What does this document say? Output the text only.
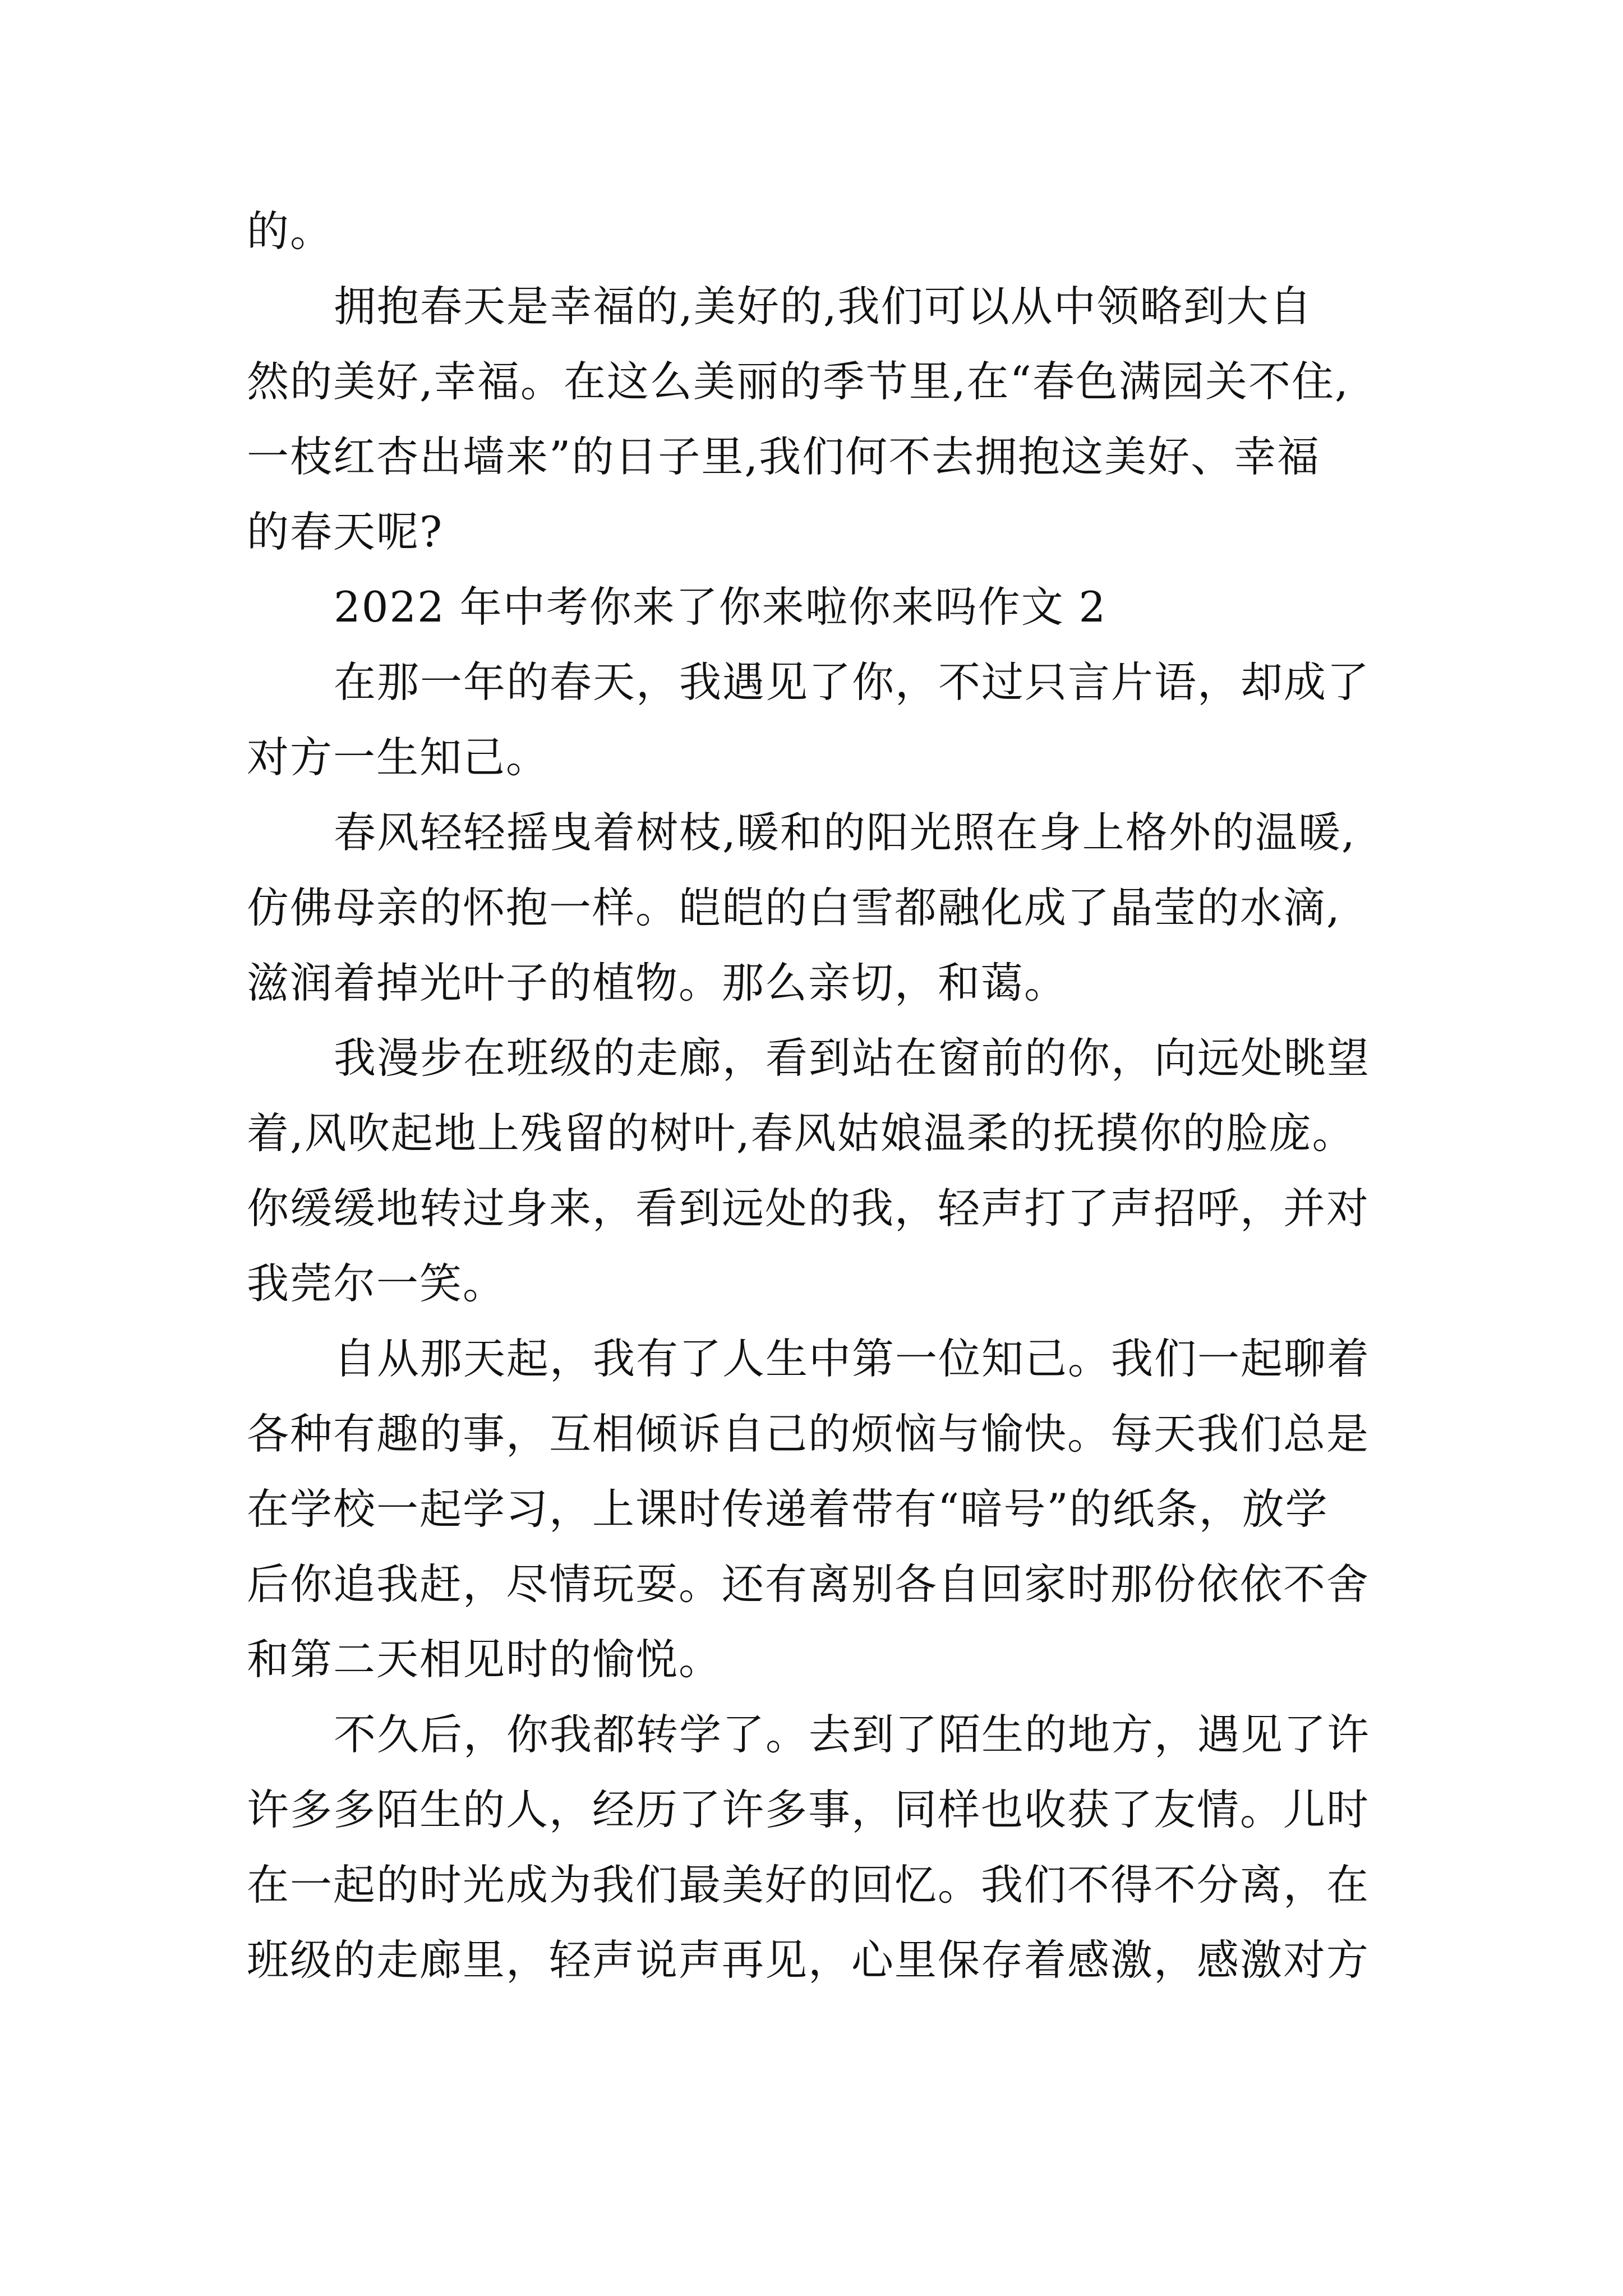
的。
拥抱春天是幸福的,美好的,我们可以从中领略到大自
然的美好,幸福。在这么美丽的季节里,在“春色满园关不住,
一枝红杏出墙来”的日子里,我们何不去拥抱这美好、幸福
的春天呢?
2022 年中考你来了你来啦你来吗作文 2
在那一年的春天，我遇见了你，不过只言片语，却成了
对方一生知己。
春风轻轻摇曳着树枝,暖和的阳光照在身上格外的温暖,
仿佛母亲的怀抱一样。皑皑的白雪都融化成了晶莹的水滴,
滋润着掉光叶子的植物。那么亲切，和蔼。
我漫步在班级的走廊，看到站在窗前的你，向远处眺望
着,风吹起地上残留的树叶,春风姑娘温柔的抚摸你的脸庞。
你缓缓地转过身来，看到远处的我，轻声打了声招呼，并对
我莞尔一笑。
自从那天起，我有了人生中第一位知己。我们一起聊着
各种有趣的事，互相倾诉自己的烦恼与愉快。每天我们总是
在学校一起学习，上课时传递着带有“暗号”的纸条，放学
后你追我赶，尽情玩耍。还有离别各自回家时那份依依不舍
和第二天相见时的愉悦。
不久后，你我都转学了。去到了陌生的地方，遇见了许
许多多陌生的人，经历了许多事，同样也收获了友情。儿时
在一起的时光成为我们最美好的回忆。我们不得不分离，在
班级的走廊里，轻声说声再见，心里保存着感激，感激对方
